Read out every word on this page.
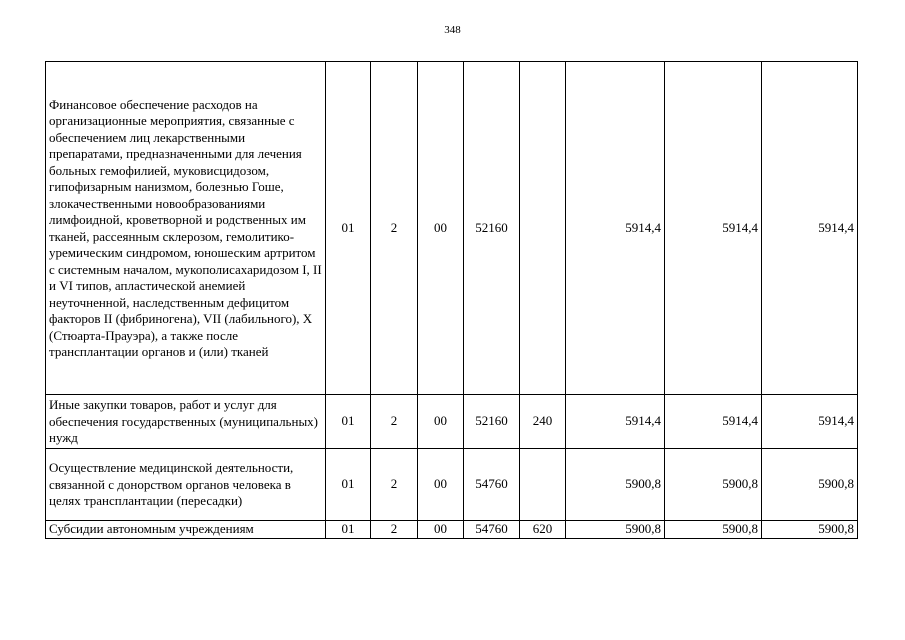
348
Финансовое обеспечение расходов на организационные мероприятия, связанные с обеспечением лиц лекарственными препаратами, предназначенными для лечения больных гемофилией, муковисцидозом, гипофизарным нанизмом, болезнью Гоше, злокачественными новообразованиями лимфоидной, кроветворной и родственных им тканей, рассеянным склерозом, гемолитико-уремическим синдромом, юношеским артритом с системным началом, мукополисахаридозом I, II и VI типов, апластической анемией неуточненной, наследственным дефицитом факторов II (фибриногена), VII (лабильного), X (Стюарта-Прауэра), а также после трансплантации органов и (или) тканей	01	2	00	52160		5914,4	5914,4	5914,4
Иные закупки товаров, работ и услуг для обеспечения государственных (муниципальных) нужд	01	2	00	52160	240	5914,4	5914,4	5914,4
Осуществление медицинской деятельности, связанной с донорством органов человека в целях трансплантации (пересадки)	01	2	00	54760		5900,8	5900,8	5900,8
Субсидии автономным учреждениям	01	2	00	54760	620	5900,8	5900,8	5900,8
